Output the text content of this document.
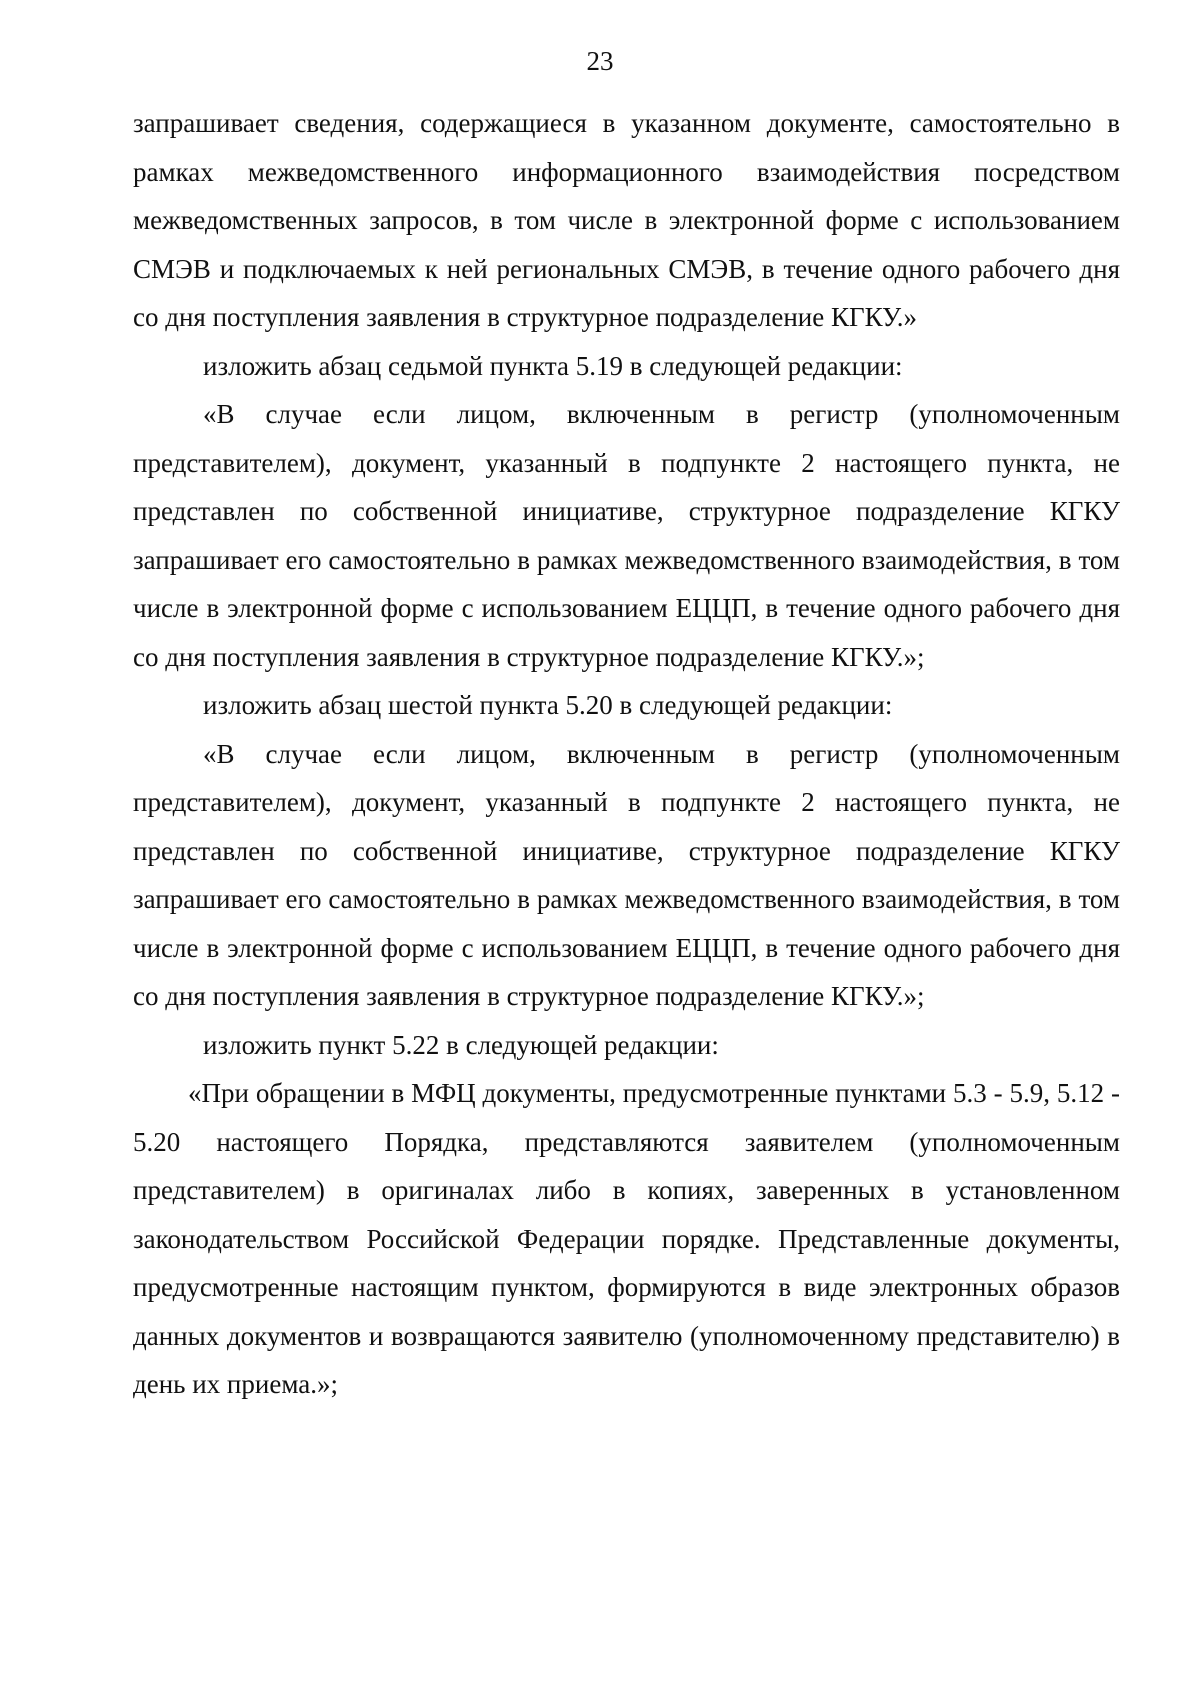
23

запрашивает сведения, содержащиеся в указанном документе, самостоятельно в рамках межведомственного информационного взаимодействия посредством межведомственных запросов, в том числе в электронной форме с использованием СМЭВ и подключаемых к ней региональных СМЭВ, в течение одного рабочего дня со дня поступления заявления в структурное подразделение КГКУ.»

изложить абзац седьмой пункта 5.19 в следующей редакции:

«В случае если лицом, включенным в регистр (уполномоченным представителем), документ, указанный в подпункте 2 настоящего пункта, не представлен по собственной инициативе, структурное подразделение КГКУ запрашивает его самостоятельно в рамках межведомственного взаимодействия, в том числе в электронной форме с использованием ЕЦЦП, в течение одного рабочего дня со дня поступления заявления в структурное подразделение КГКУ.»;

изложить абзац шестой пункта 5.20 в следующей редакции:

«В случае если лицом, включенным в регистр (уполномоченным представителем), документ, указанный в подпункте 2 настоящего пункта, не представлен по собственной инициативе, структурное подразделение КГКУ запрашивает его самостоятельно в рамках межведомственного взаимодействия, в том числе в электронной форме с использованием ЕЦЦП, в течение одного рабочего дня со дня поступления заявления в структурное подразделение КГКУ.»;

изложить пункт 5.22 в следующей редакции:

«При обращении в МФЦ документы, предусмотренные пунктами 5.3 - 5.9, 5.12 - 5.20 настоящего Порядка, представляются заявителем (уполномоченным представителем) в оригиналах либо в копиях, заверенных в установленном законодательством Российской Федерации порядке. Представленные документы, предусмотренные настоящим пунктом, формируются в виде электронных образов данных документов и возвращаются заявителю (уполномоченному представителю) в день их приема.»;
